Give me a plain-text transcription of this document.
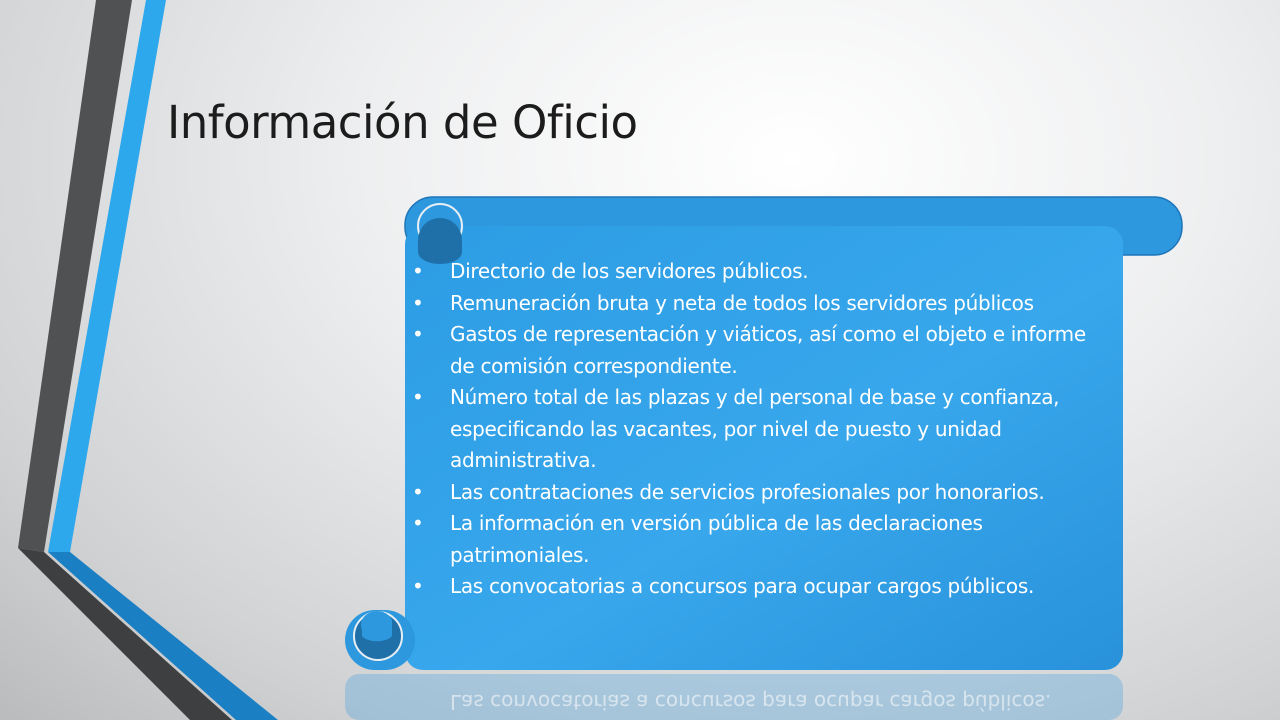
Información de Oficio
• Directorio de los servidores públicos.
• Remuneración bruta y neta de todos los servidores públicos
• Gastos de representación y viáticos, así como el objeto e informe de comisión correspondiente.
• Número total de las plazas y del personal de base y confianza, especificando las vacantes, por nivel de puesto y unidad administrativa.
• Las contrataciones de servicios profesionales por honorarios.
• La información en versión pública de las declaraciones patrimoniales.
• Las convocatorias a concursos para ocupar cargos públicos.
Las convocatorias a concursos para ocupar cargos públicos.
